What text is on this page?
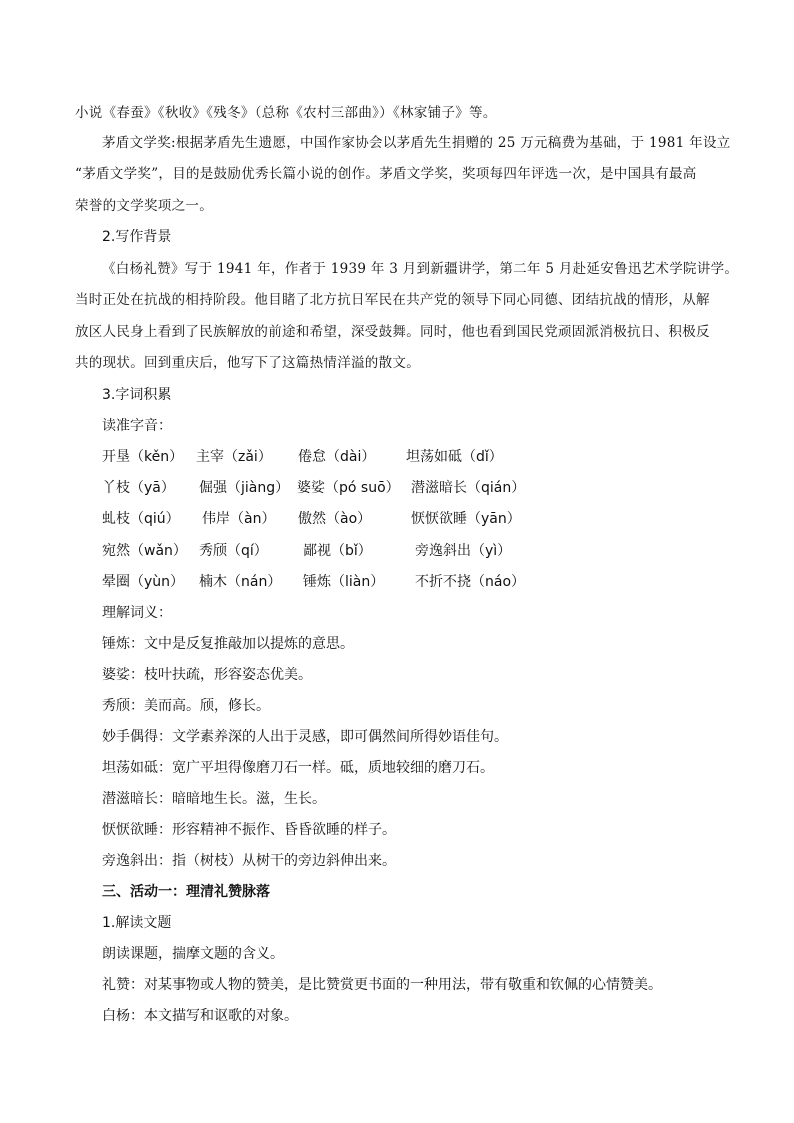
小说《春蚕》《秋收》《残冬》（总称《农村三部曲》）《林家铺子》等。
茅盾文学奖:根据茅盾先生遗愿，中国作家协会以茅盾先生捐赠的 25 万元稿费为基础，于 1981 年设立
“茅盾文学奖”，目的是鼓励优秀长篇小说的创作。茅盾文学奖，奖项每四年评选一次，是中国具有最高
荣誉的文学奖项之一。
2.写作背景
《白杨礼赞》写于 1941 年，作者于 1939 年 3 月到新疆讲学，第二年 5 月赴延安鲁迅艺术学院讲学。
当时正处在抗战的相持阶段。他目睹了北方抗日军民在共产党的领导下同心同德、团结抗战的情形，从解
放区人民身上看到了民族解放的前途和希望，深受鼓舞。同时，他也看到国民党顽固派消极抗日、积极反
共的现状。回到重庆后，他写下了这篇热情洋溢的散文。
3.字词积累
读准字音：
开垦（kěn） 主宰（zǎi） 倦怠（dài） 坦荡如砥（dǐ）
丫枝（yā） 倔强（jiàng） 婆娑（pó suō） 潜滋暗长（qián）
虬枝（qiú） 伟岸（àn） 傲然（ào）	恹恹欲睡（yān）
宛然（wǎn） 秀颀（qí）	鄙视（bǐ）	旁逸斜出（yì）
晕圈（yùn） 楠木（nán） 锤炼（liàn） 不折不挠（náo）
理解词义：
锤炼：文中是反复推敲加以提炼的意思。
婆娑：枝叶扶疏，形容姿态优美。
秀颀：美而高。颀，修长。
妙手偶得：文学素养深的人出于灵感，即可偶然间所得妙语佳句。
坦荡如砥：宽广平坦得像磨刀石一样。砥，质地较细的磨刀石。
潜滋暗长：暗暗地生长。滋，生长。
恹恹欲睡：形容精神不振作、昏昏欲睡的样子。
旁逸斜出：指（树枝）从树干的旁边斜伸出来。
三、活动一：理清礼赞脉落
1.解读文题
朗读课题，揣摩文题的含义。
礼赞：对某事物或人物的赞美，是比赞赏更书面的一种用法，带有敬重和钦佩的心情赞美。
白杨：本文描写和讴歌的对象。
